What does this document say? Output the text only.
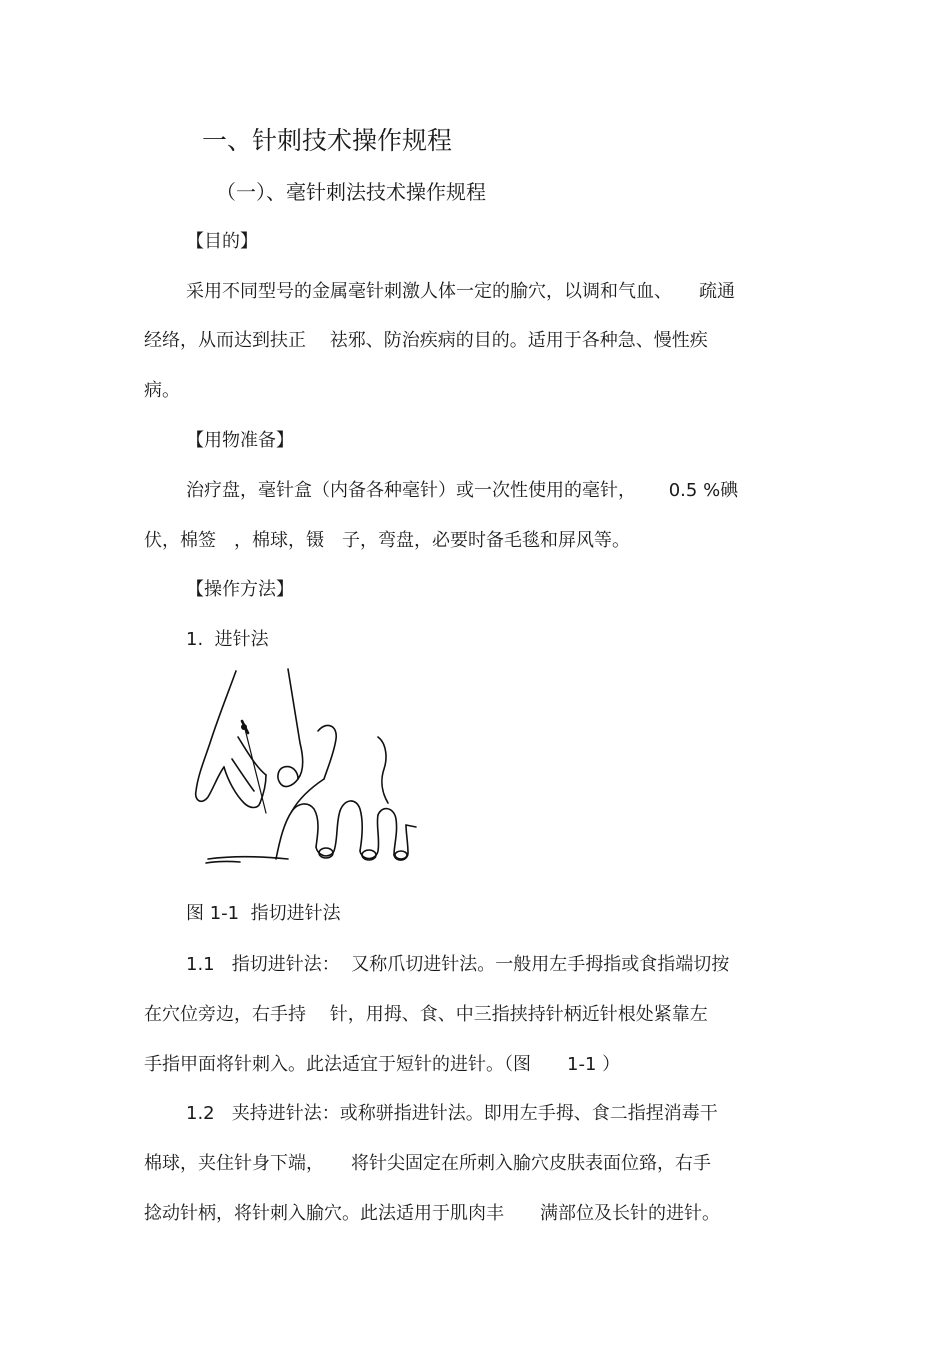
一、针刺技术操作规程
（一）、毫针刺法技术操作规程
【目的】
采用不同型号的金属毫针刺激人体一定的腧穴，以调和气血、　　疏通
经络，从而达到扶正　 祛邪、防治疾病的目的。适用于各种急、慢性疾
病。
【用物准备】
治疗盘，毫针盒（内备各种毫针）或一次性使用的毫针，　　 0.5 %碘
伏，棉签　，棉球，镊　子，弯盘，必要时备毛毯和屏风等。
【操作方法】
1.  进针法
图 1-1  指切进针法
1.1   指切进针法：  又称爪切进针法。一般用左手拇指或食指端切按
在穴位旁边，右手持　 针，用拇、食、中三指挟持针柄近针根处紧靠左
手指甲面将针刺入。此法适宜于短针的进针。（图　　1-1 ）
1.2   夹持进针法：或称骈指进针法。即用左手拇、食二指捏消毒干
棉球，夹住针身下端，　　将针尖固定在所刺入腧穴皮肤表面位臵，右手
捻动针柄，将针刺入腧穴。此法适用于肌肉丰　　满部位及长针的进针。
